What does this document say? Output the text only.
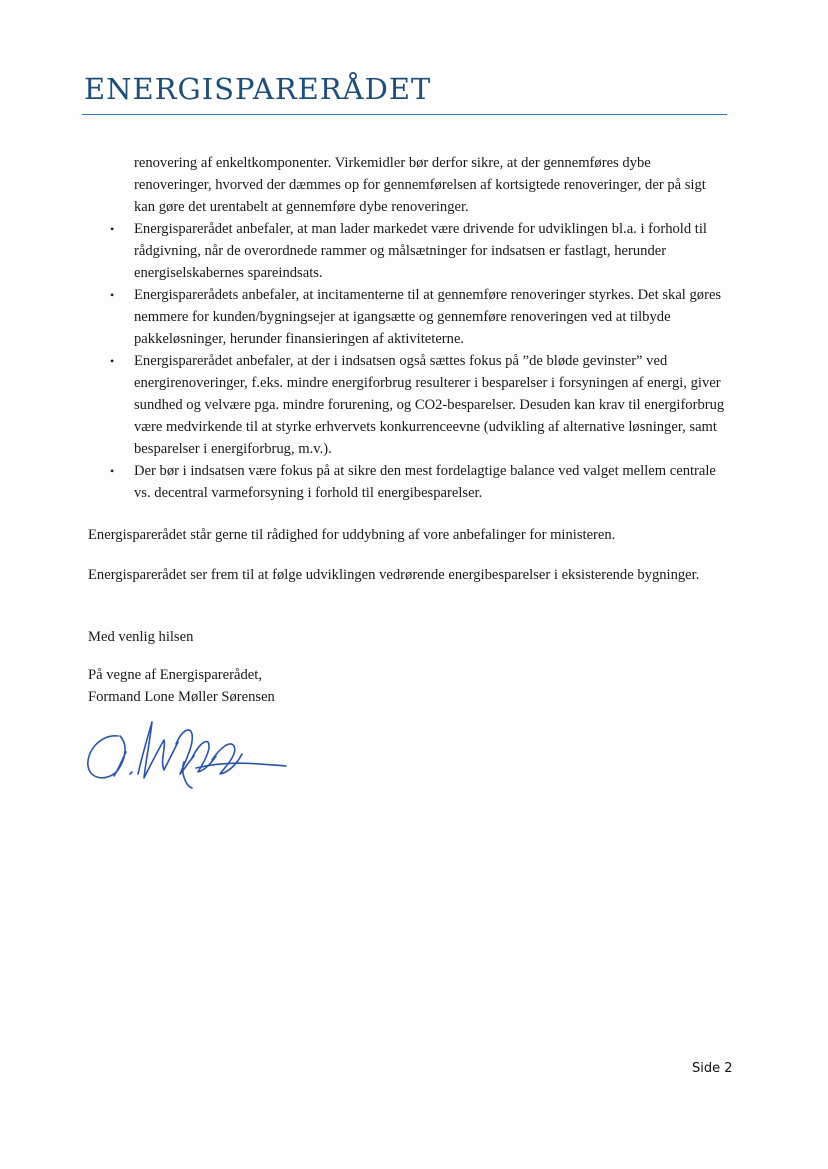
ENERGISPARERÅDET

renovering af enkeltkomponenter. Virkemidler bør derfor sikre, at der gennemføres dybe renoveringer, hvorved der dæmmes op for gennemførelsen af kortsigtede renoveringer, der på sigt kan gøre det urentabelt at gennemføre dybe renoveringer.

• Energisparerådet anbefaler, at man lader markedet være drivende for udviklingen bl.a. i forhold til rådgivning, når de overordnede rammer og målsætninger for indsatsen er fastlagt, herunder energiselskabernes spareindsats.
• Energisparerådets anbefaler, at incitamenterne til at gennemføre renoveringer styrkes. Det skal gøres nemmere for kunden/bygningsejer at igangsætte og gennemføre renoveringen ved at tilbyde pakkeløsninger, herunder finansieringen af aktiviteterne.
• Energisparerådet anbefaler, at der i indsatsen også sættes fokus på ”de bløde gevinster” ved energirenoveringer, f.eks. mindre energiforbrug resulterer i besparelser i forsyningen af energi, giver sundhed og velvære pga. mindre forurening, og CO2-besparelser. Desuden kan krav til energiforbrug være medvirkende til at styrke erhvervets konkurrenceevne (udvikling af alternative løsninger, samt besparelser i energiforbrug, m.v.).
• Der bør i indsatsen være fokus på at sikre den mest fordelagtige balance ved valget mellem centrale vs. decentral varmeforsyning i forhold til energibesparelser.

Energisparerådet står gerne til rådighed for uddybning af vore anbefalinger for ministeren.

Energisparerådet ser frem til at følge udviklingen vedrørende energibesparelser i eksisterende bygninger.

Med venlig hilsen

På vegne af Energisparerådet,

Formand Lone Møller Sørensen

Side 2
